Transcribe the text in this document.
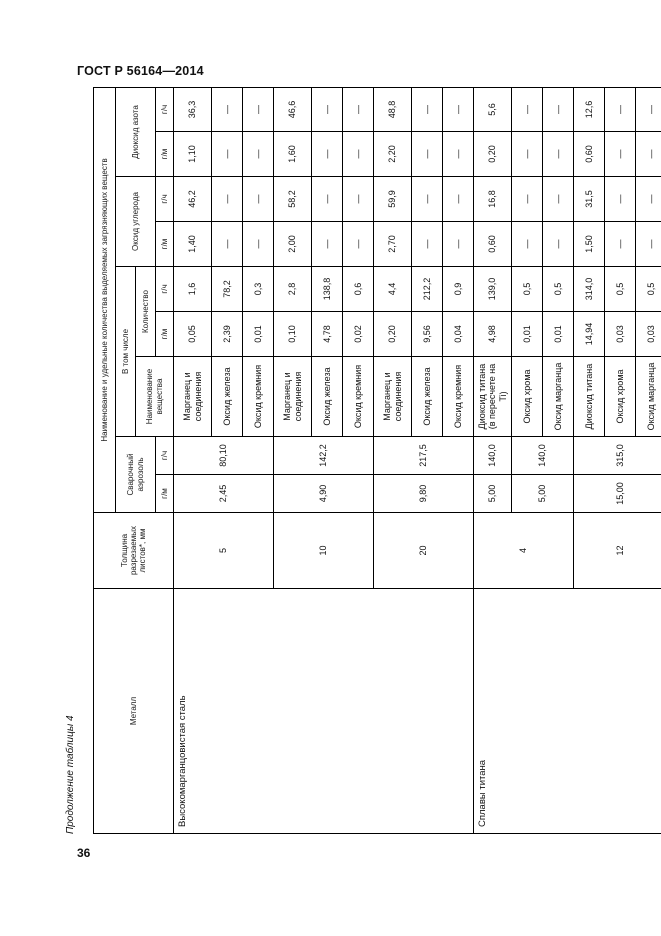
ГОСТ Р 56164—2014
Продолжение таблицы 4
Металл	Толщина разрезаемых листов*, мм	Наименование и удельные количества выделяемых загрязняющих веществ								
		Сварочный аэрозоль		В том числе			Оксид углерода		Диоксид азота	
				Наименование вещества	Количество					
		г/м	г/ч		г/м	г/ч	г/м	г/ч	г/м	г/ч
Высокомарганцовистая сталь	5	2,45	80,10	Марганец и соединения	0,05	1,6	1,40	46,2	1,10	36,3
				Оксид железа	2,39	78,2	—	—	—	—
				Оксид кремния	0,01	0,3	—	—	—	—
	10	4,90	142,2	Марганец и соединения	0,10	2,8	2,00	58,2	1,60	46,6
				Оксид железа	4,78	138,8	—	—	—	—
				Оксид кремния	0,02	0,6	—	—	—	—
	20	9,80	217,5	Марганец и соединения	0,20	4,4	2,70	59,9	2,20	48,8
				Оксид железа	9,56	212,2	—	—	—	—
				Оксид кремния	0,04	0,9	—	—	—	—
Сплавы титана	4	5,00	140,0	Диоксид титана (в пересчете на Ti)	4,98	139,0	0,60	16,8	0,20	5,6
		5,00	140,0	Оксид хрома	0,01	0,5	—	—	—	—
				Оксид марганца	0,01	0,5	—	—	—	—
	12	15,00	315,0	Диоксид титана	14,94	314,0	1,50	31,5	0,60	12,6
				Оксид хрома	0,03	0,5	—	—	—	—
				Оксид марганца	0,03	0,5	—	—	—	—
36
